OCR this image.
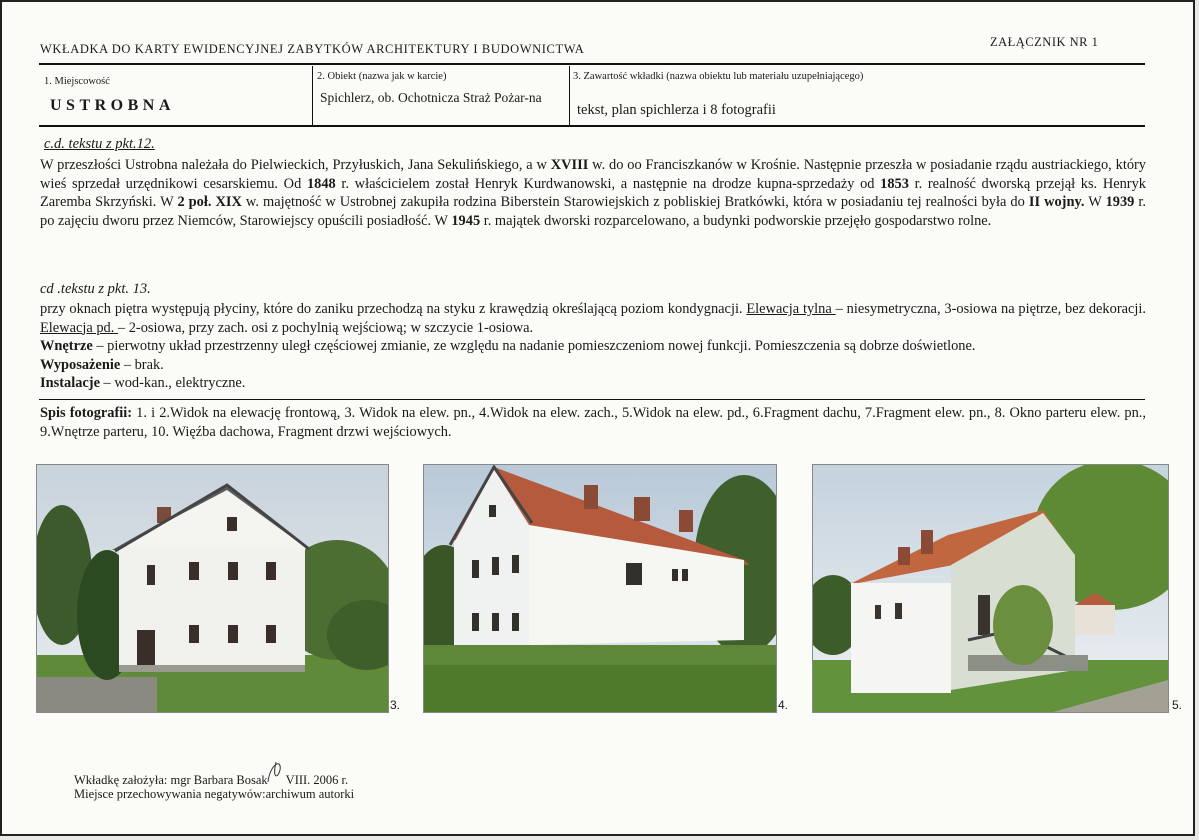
WKŁADKA DO KARTY EWIDENCYJNEJ ZABYTKÓW ARCHITEKTURY I BUDOWNICTWA	ZAŁĄCZNIK NR 1
1. Miejscowość
USTROBNA
2. Obiekt (nazwa jak w karcie)
Spichlerz, ob. Ochotnicza Straż Pożar-na
3. Zawartość wkładki (nazwa obiektu lub materiału uzupełniającego)
tekst, plan spichlerza i 8 fotografii
c.d. tekstu z pkt.12.

W przeszłości Ustrobna należała do Pielwieckich, Przyłuskich, Jana Sekulińskiego, a w XVIII w. do oo Franciszkanów w Krośnie. Następnie przeszła w posiadanie rządu austriackiego, który wieś sprzedał urzędnikowi cesarskiemu. Od 1848 r. właścicielem został Henryk Kurdwanowski, a następnie na drodze kupna-sprzedaży od 1853 r. realność dworską przejął ks. Henryk Zaremba Skrzyński. W 2 poł. XIX w. majętność w Ustrobnej zakupiła rodzina Biberstein Starowiejskich z pobliskiej Bratkówki, która w posiadaniu tej realności była do II wojny. W 1939 r. po zajęciu dworu przez Niemców, Starowiejscy opuścili posiadłość. W 1945 r. majątek dworski rozparcelowano, a budynki podworskie przejęło gospodarstwo rolne.

cd .tekstu z pkt. 13.

przy oknach piętra występują płyciny, które do zaniku przechodzą na styku z krawędzią określającą poziom kondygnacji. Elewacja tylna – niesymetryczna, 3-osiowa na piętrze, bez dekoracji. Elewacja pd. – 2-osiowa, przy zach. osi z pochylnią wejściową; w szczycie 1-osiowa.

Wnętrze – pierwotny układ przestrzenny uległ częściowej zmianie, ze względu na nadanie pomieszczeniom nowej funkcji. Pomieszczenia są dobrze doświetlone.

Wyposażenie – brak.

Instalacje – wod-kan., elektryczne.

Spis fotografii: 1. i 2.Widok na elewację frontową, 3. Widok na elew. pn., 4.Widok na elew. zach., 5.Widok na elew. pd., 6.Fragment dachu, 7.Fragment elew. pn., 8. Okno parteru elew. pn., 9.Wnętrze parteru, 10. Więźba dachowa, Fragment drzwi wejściowych.

3.	4.	5.
Wkładkę założyła: mgr Barbara Bosak VIII. 2006 r.
Miejsce przechowywania negatywów:archiwum autorki
